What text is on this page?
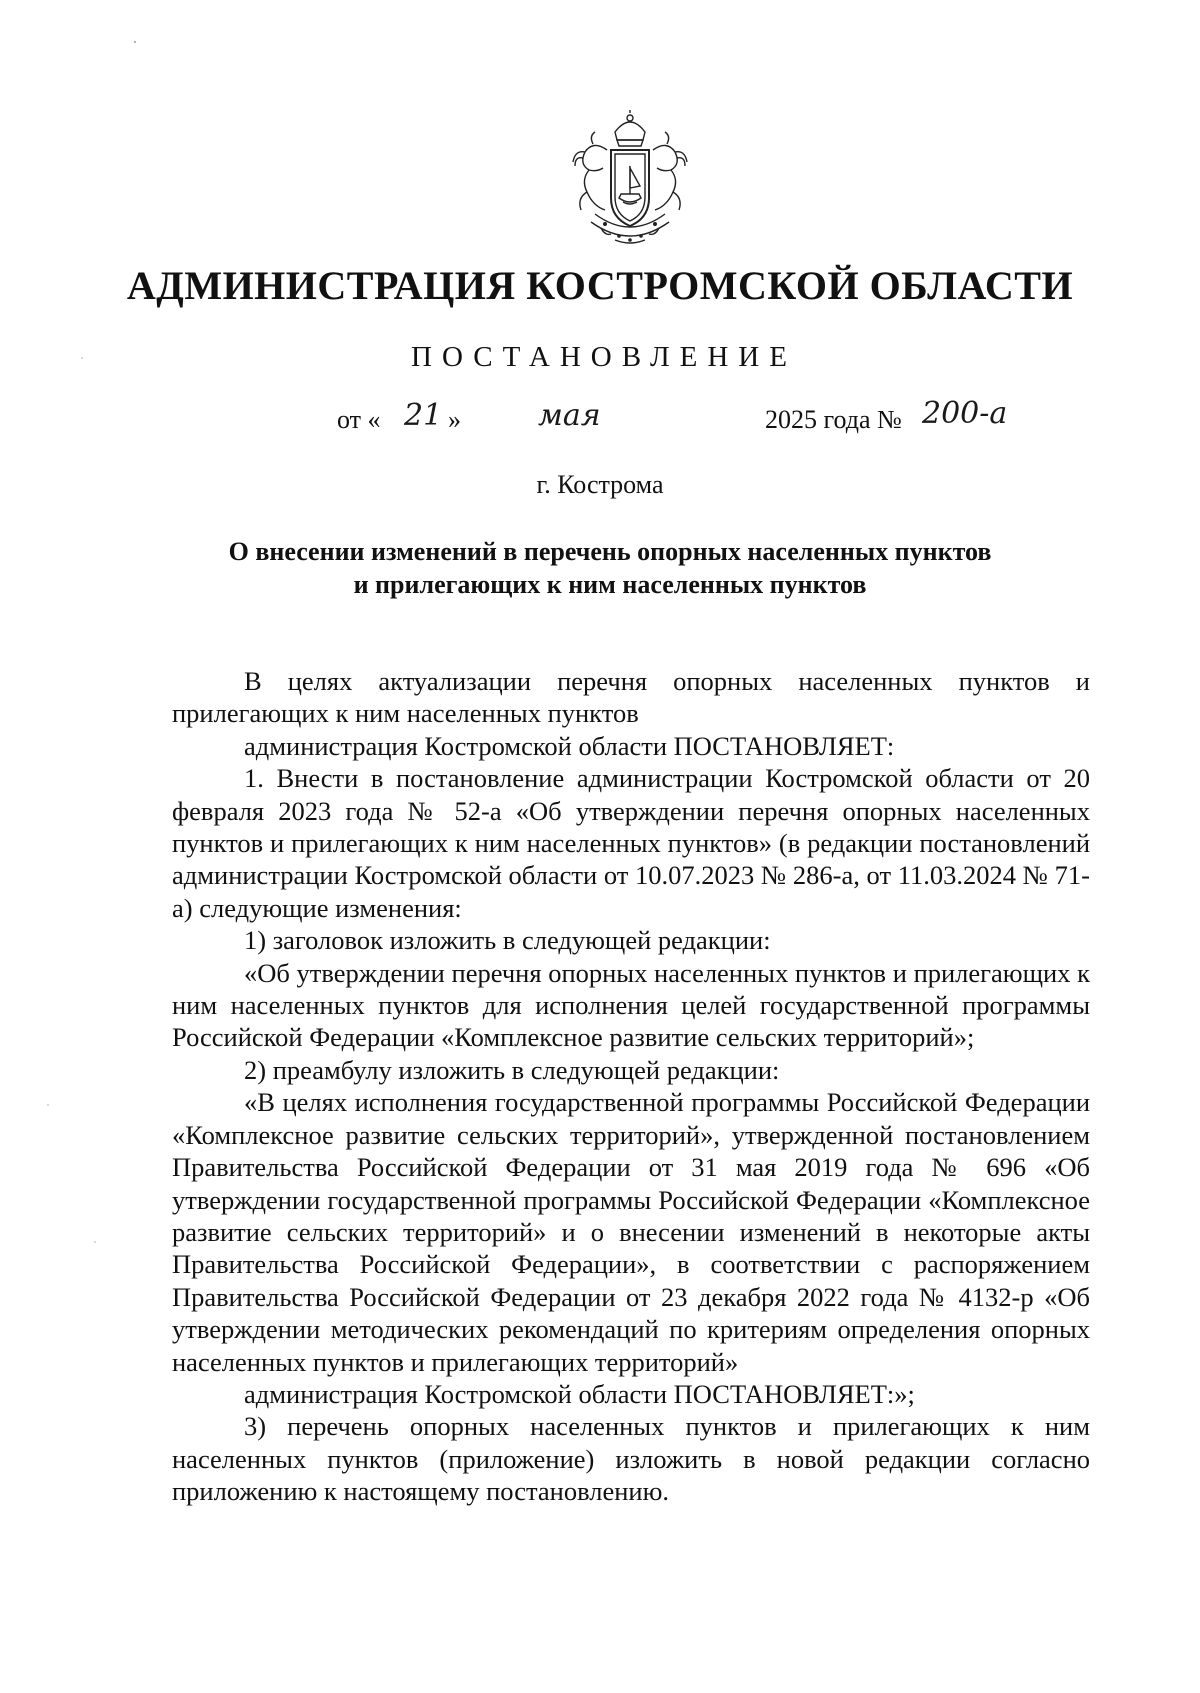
АДМИНИСТРАЦИЯ КОСТРОМСКОЙ ОБЛАСТИ
ПОСТАНОВЛЕНИЕ
от « 21 »	мая	2025 года № 200-а
г. Кострома
О внесении изменений в перечень опорных населенных пунктов
и прилегающих к ним населенных пунктов

В целях актуализации перечня опорных населенных пунктов и прилегающих к ним населенных пунктов

администрация Костромской области ПОСТАНОВЛЯЕТ:

1. Внести в постановление администрации Костромской области от 20 февраля 2023 года № 52-а «Об утверждении перечня опорных населенных пунктов и прилегающих к ним населенных пунктов» (в редакции постановлений администрации Костромской области от 10.07.2023 № 286-а, от 11.03.2024 № 71-а) следующие изменения:

1) заголовок изложить в следующей редакции:

«Об утверждении перечня опорных населенных пунктов и прилегающих к ним населенных пунктов для исполнения целей государственной программы Российской Федерации «Комплексное развитие сельских территорий»;

2) преамбулу изложить в следующей редакции:

«В целях исполнения государственной программы Российской Федерации «Комплексное развитие сельских территорий», утвержденной постановлением Правительства Российской Федерации от 31 мая 2019 года № 696 «Об утверждении государственной программы Российской Федерации «Комплексное развитие сельских территорий» и о внесении изменений в некоторые акты Правительства Российской Федерации», в соответствии с распоряжением Правительства Российской Федерации от 23 декабря 2022 года № 4132-р «Об утверждении методических рекомендаций по критериям определения опорных населенных пунктов и прилегающих территорий»

администрация Костромской области ПОСТАНОВЛЯЕТ:»;

3) перечень опорных населенных пунктов и прилегающих к ним населенных пунктов (приложение) изложить в новой редакции согласно приложению к настоящему постановлению.
